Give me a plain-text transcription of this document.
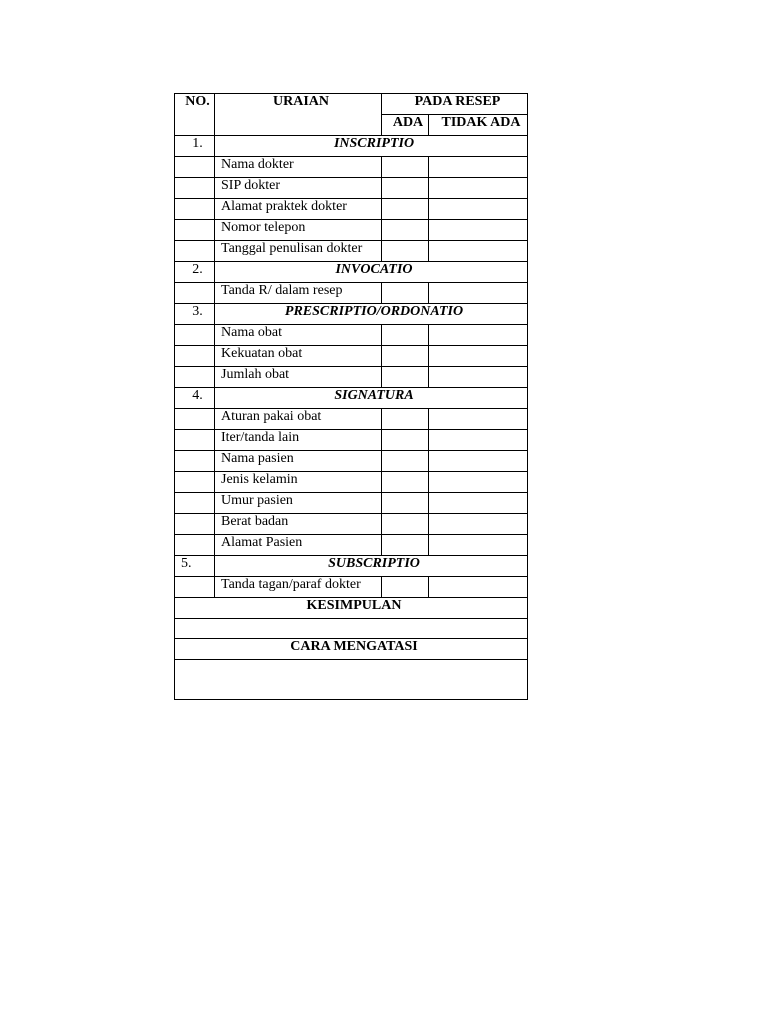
NO.	URAIAN	PADA RESEP	
		ADA	TIDAK ADA
1.	INSCRIPTIO		
	Nama dokter		
	SIP dokter		
	Alamat praktek dokter		
	Nomor telepon		
	Tanggal penulisan dokter		
2.	INVOCATIO		
	Tanda R/ dalam resep		
3.	PRESCRIPTIO/ORDONATIO		
	Nama obat		
	Kekuatan obat		
	Jumlah obat		
4.	SIGNATURA		
	Aturan pakai obat		
	Iter/tanda lain		
	Nama pasien		
	Jenis kelamin		
	Umur pasien		
	Berat badan		
	Alamat Pasien		
5.	SUBSCRIPTIO		
	Tanda tagan/paraf dokter		
KESIMPULAN			

CARA MENGATASI			
